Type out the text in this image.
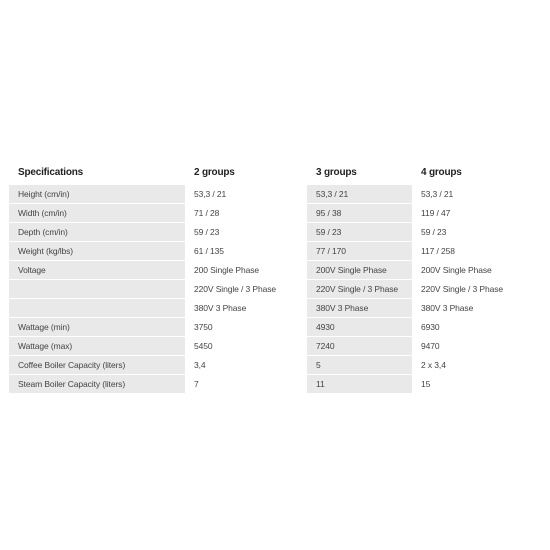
Specifications	2 groups	3 groups	4 groups
Height (cm/in)	53,3 / 21	53,3 / 21	53,3 / 21
Width (cm/in)	71 / 28	95 / 38	119 / 47
Depth (cm/in)	59 / 23	59 / 23	59 / 23
Weight (kg/lbs)	61 / 135	77 / 170	117 / 258
Voltage	200 Single Phase	200V Single Phase	200V Single Phase
	220V Single / 3 Phase	220V Single / 3 Phase	220V Single / 3 Phase
	380V 3 Phase	380V 3 Phase	380V 3 Phase
Wattage (min)	3750	4930	6930
Wattage (max)	5450	7240	9470
Coffee Boiler Capacity (liters)	3,4	5	2 x 3,4
Steam Boiler Capacity (liters)	7	11	15
